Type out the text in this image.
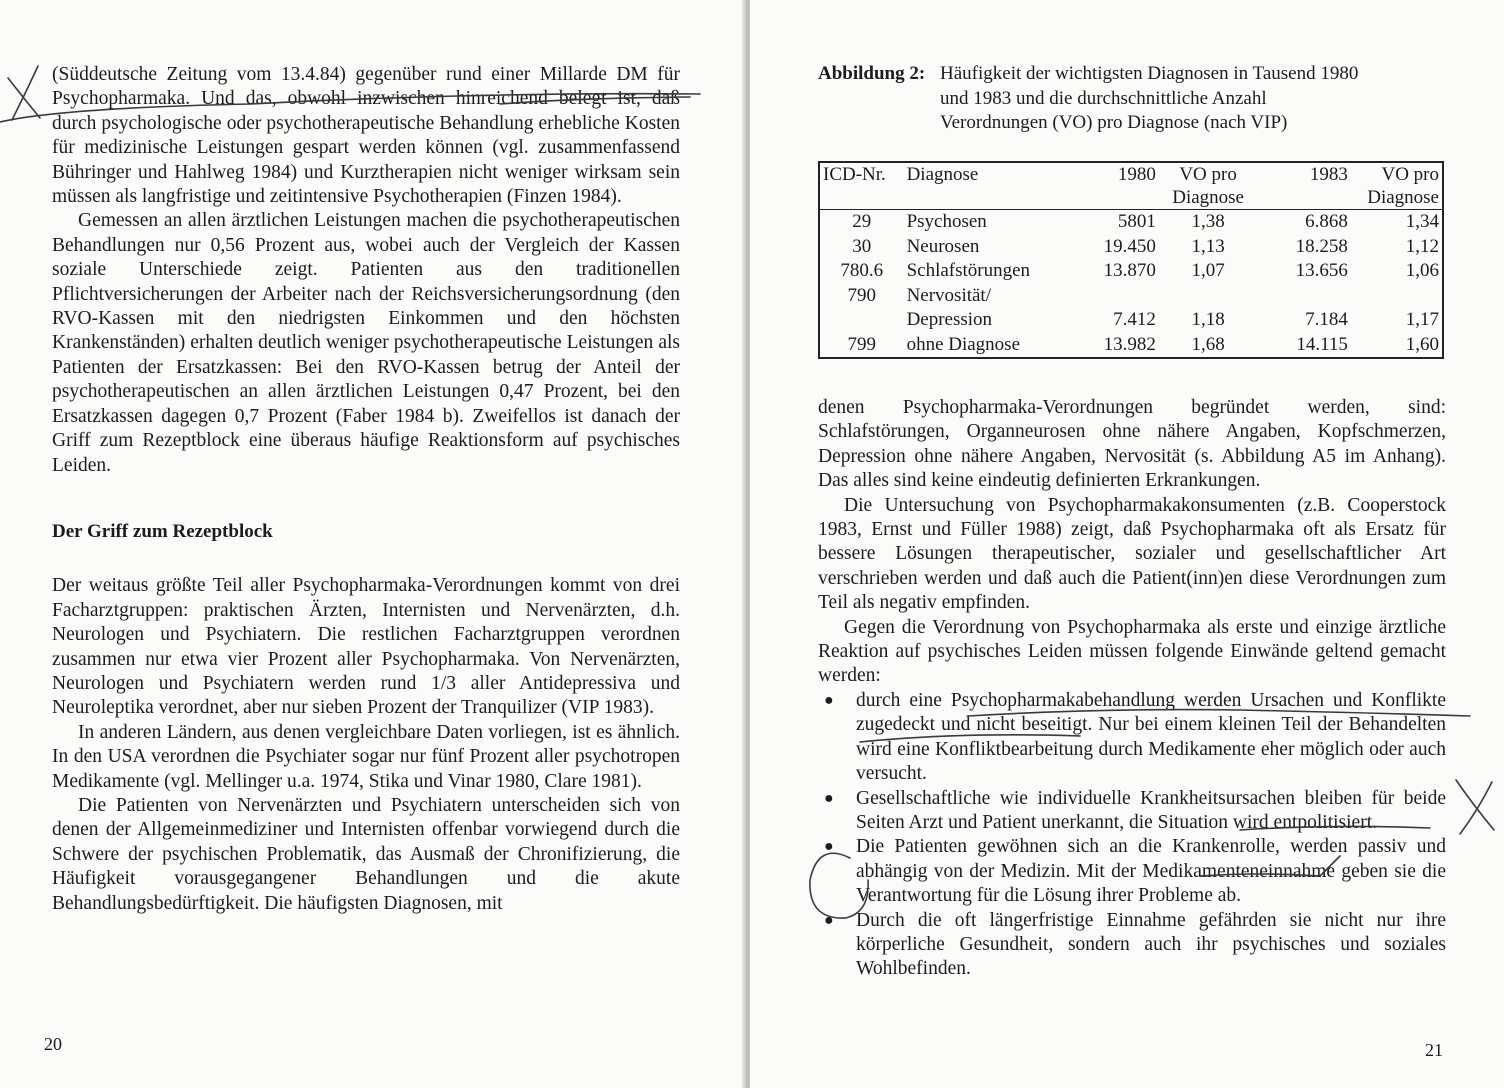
(Süddeutsche Zeitung vom 13.4.84) gegenüber rund einer Millarde DM für Psychopharmaka. Und das, obwohl inzwischen hinreichend belegt ist, daß durch psychologische oder psychotherapeutische Behandlung erhebliche Kosten für medizinische Leistungen gespart werden können (vgl. zusammenfassend Bühringer und Hahlweg 1984) und Kurztherapien nicht weniger wirksam sein müssen als langfristige und zeitintensive Psychotherapien (Finzen 1984).

Gemessen an allen ärztlichen Leistungen machen die psychotherapeutischen Behandlungen nur 0,56 Prozent aus, wobei auch der Vergleich der Kassen soziale Unterschiede zeigt. Patienten aus den traditionellen Pflichtversicherungen der Arbeiter nach der Reichsversicherungsordnung (den RVO-Kassen mit den niedrigsten Einkommen und den höchsten Krankenständen) erhalten deutlich weniger psychotherapeutische Leistungen als Patienten der Ersatzkassen: Bei den RVO-Kassen betrug der Anteil der psychotherapeutischen an allen ärztlichen Leistungen 0,47 Prozent, bei den Ersatzkassen dagegen 0,7 Prozent (Faber 1984 b). Zweifellos ist danach der Griff zum Rezeptblock eine überaus häufige Reaktionsform auf psychisches Leiden.

Der Griff zum Rezeptblock

Der weitaus größte Teil aller Psychopharmaka-Verordnungen kommt von drei Facharztgruppen: praktischen Ärzten, Internisten und Nervenärzten, d.h. Neurologen und Psychiatern. Die restlichen Facharztgruppen verordnen zusammen nur etwa vier Prozent aller Psychopharmaka. Von Nervenärzten, Neurologen und Psychiatern werden rund 1/3 aller Antidepressiva und Neuroleptika verordnet, aber nur sieben Prozent der Tranquilizer (VIP 1983).

In anderen Ländern, aus denen vergleichbare Daten vorliegen, ist es ähnlich. In den USA verordnen die Psychiater sogar nur fünf Prozent aller psychotropen Medikamente (vgl. Mellinger u.a. 1974, Stika und Vinar 1980, Clare 1981).

Die Patienten von Nervenärzten und Psychiatern unterscheiden sich von denen der Allgemeinmediziner und Internisten offenbar vorwiegend durch die Schwere der psychischen Problematik, das Ausmaß der Chronifizierung, die Häufigkeit vorausgegangener Behandlungen und die akute Behandlungsbedürftigkeit. Die häufigsten Diagnosen, mit

20
Abbildung 2: Häufigkeit der wichtigsten Diagnosen in Tausend 1980 und 1983 und die durchschnittliche Anzahl Verordnungen (VO) pro Diagnose (nach VIP)
ICD-Nr.	Diagnose	1980	VO pro Diagnose	1983	VO pro Diagnose
29	Psychosen	5801	1,38	6.868	1,34
30	Neurosen	19.450	1,13	18.258	1,12
780.6	Schlafstörungen	13.870	1,07	13.656	1,06
790	Nervosität/				
	Depression	7.412	1,18	7.184	1,17
799	ohne Diagnose	13.982	1,68	14.115	1,60

denen Psychopharmaka-Verordnungen begründet werden, sind: Schlafstörungen, Organneurosen ohne nähere Angaben, Kopfschmerzen, Depression ohne nähere Angaben, Nervosität (s. Abbildung A5 im Anhang). Das alles sind keine eindeutig definierten Erkrankungen.

Die Untersuchung von Psychopharmakakonsumenten (z.B. Cooperstock 1983, Ernst und Füller 1988) zeigt, daß Psychopharmaka oft als Ersatz für bessere Lösungen therapeutischer, sozialer und gesellschaftlicher Art verschrieben werden und daß auch die Patient(inn)en diese Verordnungen zum Teil als negativ empfinden.

Gegen die Verordnung von Psychopharmaka als erste und einzige ärztliche Reaktion auf psychisches Leiden müssen folgende Einwände geltend gemacht werden:

● durch eine Psychopharmakabehandlung werden Ursachen und Konflikte zugedeckt und nicht beseitigt. Nur bei einem kleinen Teil der Behandelten wird eine Konfliktbearbeitung durch Medikamente eher möglich oder auch versucht.
● Gesellschaftliche wie individuelle Krankheitsursachen bleiben für beide Seiten Arzt und Patient unerkannt, die Situation wird entpolitisiert.
● Die Patienten gewöhnen sich an die Krankenrolle, werden passiv und abhängig von der Medizin. Mit der Medikamenteneinnahme geben sie die Verantwortung für die Lösung ihrer Probleme ab.
● Durch die oft längerfristige Einnahme gefährden sie nicht nur ihre körperliche Gesundheit, sondern auch ihr psychisches und soziales Wohlbefinden.
21
